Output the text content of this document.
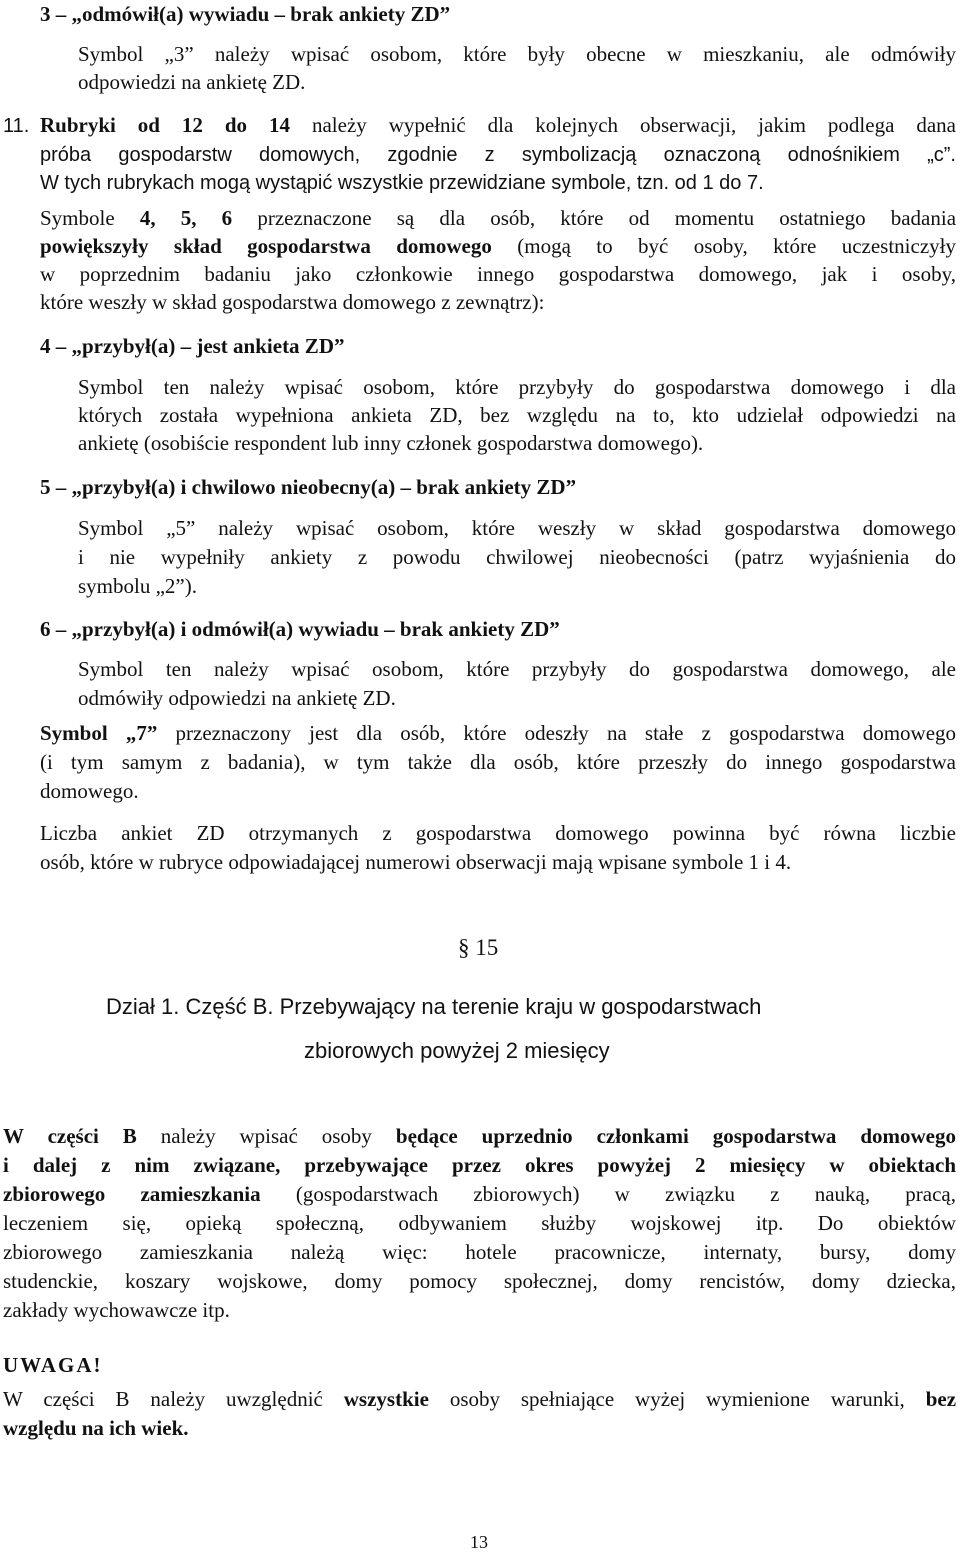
3 – „odmówił(a) wywiadu – brak ankiety ZD”
Symbol „3” należy wpisać osobom, które były obecne w mieszkaniu, ale odmówiły
odpowiedzi na ankietę ZD.
11. Rubryki od 12 do 14 należy wypełnić dla kolejnych obserwacji, jakim podlega dana
próba gospodarstw domowych, zgodnie z symbolizacją oznaczoną odnośnikiem „c”.
W tych rubrykach mogą wystąpić wszystkie przewidziane symbole, tzn. od 1 do 7.
Symbole 4, 5, 6 przeznaczone są dla osób, które od momentu ostatniego badania
powiększyły skład gospodarstwa domowego (mogą to być osoby, które uczestniczyły
w poprzednim badaniu jako członkowie innego gospodarstwa domowego, jak i osoby,
które weszły w skład gospodarstwa domowego z zewnątrz):
4 – „przybył(a) – jest ankieta ZD”
Symbol ten należy wpisać osobom, które przybyły do gospodarstwa domowego i dla
których została wypełniona ankieta ZD, bez względu na to, kto udzielał odpowiedzi na
ankietę (osobiście respondent lub inny członek gospodarstwa domowego).
5 – „przybył(a) i chwilowo nieobecny(a) – brak ankiety ZD”
Symbol „5” należy wpisać osobom, które weszły w skład gospodarstwa domowego
i nie wypełniły ankiety z powodu chwilowej nieobecności (patrz wyjaśnienia do
symbolu „2”).
6 – „przybył(a) i odmówił(a) wywiadu – brak ankiety ZD”
Symbol ten należy wpisać osobom, które przybyły do gospodarstwa domowego, ale
odmówiły odpowiedzi na ankietę ZD.
Symbol „7” przeznaczony jest dla osób, które odeszły na stałe z gospodarstwa domowego
(i tym samym z badania), w tym także dla osób, które przeszły do innego gospodarstwa
domowego.
Liczba ankiet ZD otrzymanych z gospodarstwa domowego powinna być równa liczbie
osób, które w rubryce odpowiadającej numerowi obserwacji mają wpisane symbole 1 i 4.
§ 15
Dział 1. Część B. Przebywający na terenie kraju w gospodarstwach
zbiorowych powyżej 2 miesięcy
W części B należy wpisać osoby będące uprzednio członkami gospodarstwa domowego
i dalej z nim związane, przebywające przez okres powyżej 2 miesięcy w obiektach
zbiorowego zamieszkania (gospodarstwach zbiorowych) w związku z nauką, pracą,
leczeniem się, opieką społeczną, odbywaniem służby wojskowej itp. Do obiektów
zbiorowego zamieszkania należą więc: hotele pracownicze, internaty, bursy, domy
studenckie, koszary wojskowe, domy pomocy społecznej, domy rencistów, domy dziecka,
zakłady wychowawcze itp.
UWAGA!
W części B należy uwzględnić wszystkie osoby spełniające wyżej wymienione warunki, bez
względu na ich wiek.
13
